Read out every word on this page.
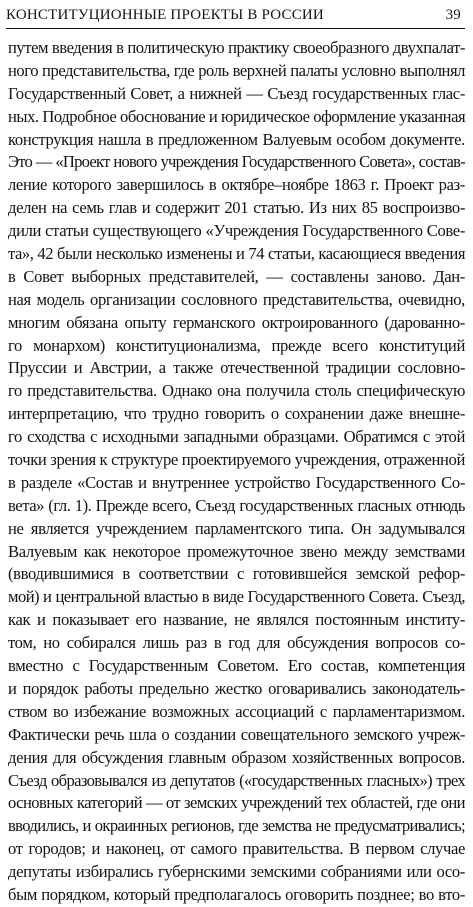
КОНСТИТУЦИОННЫЕ ПРОЕКТЫ В РОССИИ	39
путем введения в политическую практику своеобразного двухпалат-
ного представительства, где роль верхней палаты условно выполнял
Государственный Совет, а нижней — Съезд государственных глас-
ных. Подробное обоснование и юридическое оформление указанная
конструкция нашла в предложенном Валуевым особом документе.
Это — «Проект нового учреждения Государственного Совета», состав-
ление которого завершилось в октябре–ноябре 1863 г. Проект раз-
делен на семь глав и содержит 201 статью. Из них 85 воспроизво-
дили статьи существующего «Учреждения Государственного Сове-
та», 42 были несколько изменены и 74 статьи, касающиеся введения
в Совет выборных представителей, — составлены заново. Дан-
ная модель организации сословного представительства, очевидно,
многим обязана опыту германского октроированного (дарованно-
го монархом) конституционализма, прежде всего конституций
Пруссии и Австрии, а также отечественной традиции сословно-
го представительства. Однако она получила столь специфическую
интерпретацию, что трудно говорить о сохранении даже внешне-
го сходства с исходными западными образцами. Обратимся с этой
точки зрения к структуре проектируемого учреждения, отраженной
в разделе «Состав и внутреннее устройство Государственного Со-
вета» (гл. 1). Прежде всего, Съезд государственных гласных отнюдь
не является учреждением парламентского типа. Он задумывался
Валуевым как некоторое промежуточное звено между земствами
(вводившимися в соответствии с готовившейся земской рефор-
мой) и центральной властью в виде Государственного Совета. Съезд,
как и показывает его название, не являлся постоянным институ-
том, но собирался лишь раз в год для обсуждения вопросов со-
вместно с Государственным Советом. Его состав, компетенция
и порядок работы предельно жестко оговаривались законодатель-
ством во избежание возможных ассоциаций с парламентаризмом.
Фактически речь шла о создании совещательного земского учреж-
дения для обсуждения главным образом хозяйственных вопросов.
Съезд образовывался из депутатов («государственных гласных») трех
основных категорий — от земских учреждений тех областей, где они
вводились, и окраинных регионов, где земства не предусматривались;
от городов; и наконец, от самого правительства. В первом случае
депутаты избирались губернскими земскими собраниями или осо-
бым порядком, который предполагалось оговорить позднее; во вто-
